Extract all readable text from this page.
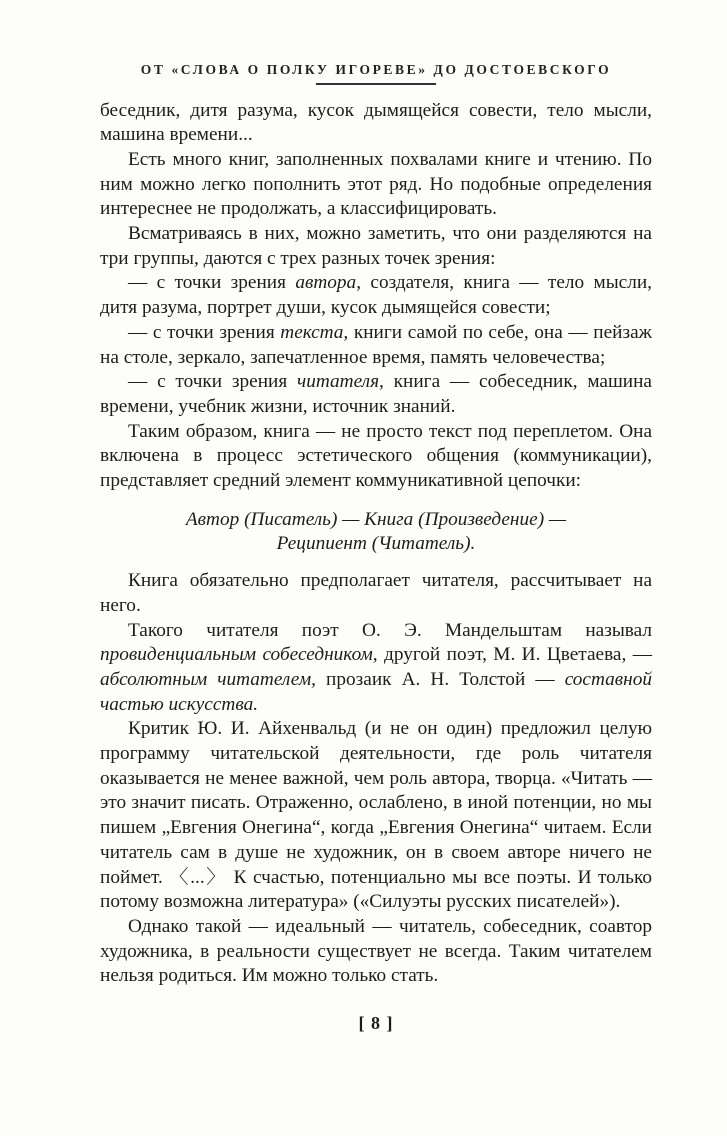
ОТ «СЛОВА О ПОЛКУ ИГОРЕВЕ» ДО ДОСТОЕВСКОГО

беседник, дитя разума, кусок дымящейся совести, тело мысли, машина времени...

Есть много книг, заполненных похвалами книге и чтению. По ним можно легко пополнить этот ряд. Но подобные определения интереснее не продолжать, а классифицировать.

Всматриваясь в них, можно заметить, что они разделяются на три группы, даются с трех разных точек зрения:

— с точки зрения автора, создателя, книга — тело мысли, дитя разума, портрет души, кусок дымящейся совести;

— с точки зрения текста, книги самой по себе, она — пейзаж на столе, зеркало, запечатленное время, память человечества;

— с точки зрения читателя, книга — собеседник, машина времени, учебник жизни, источник знаний.

Таким образом, книга — не просто текст под переплетом. Она включена в процесс эстетического общения (коммуникации), представляет средний элемент коммуникативной цепочки:

Автор (Писатель) — Книга (Произведение) —
Реципиент (Читатель).

Книга обязательно предполагает читателя, рассчитывает на него.

Такого читателя поэт О. Э. Мандельштам называл провиденциальным собеседником, другой поэт, М. И. Цветаева, — абсолютным читателем, прозаик А. Н. Толстой — составной частью искусства.

Критик Ю. И. Айхенвальд (и не он один) предложил целую программу читательской деятельности, где роль читателя оказывается не менее важной, чем роль автора, творца. «Читать — это значит писать. Отраженно, ослаблено, в иной потенции, но мы пишем „Евгения Онегина“, когда „Евгения Онегина“ читаем. Если читатель сам в душе не художник, он в своем авторе ничего не поймет. 〈...〉 К счастью, потенциально мы все поэты. И только потому возможна литература» («Силуэты русских писателей»).

Однако такой — идеальный — читатель, собеседник, соавтор художника, в реальности существует не всегда. Таким читателем нельзя родиться. Им можно только стать.

[ 8 ]
